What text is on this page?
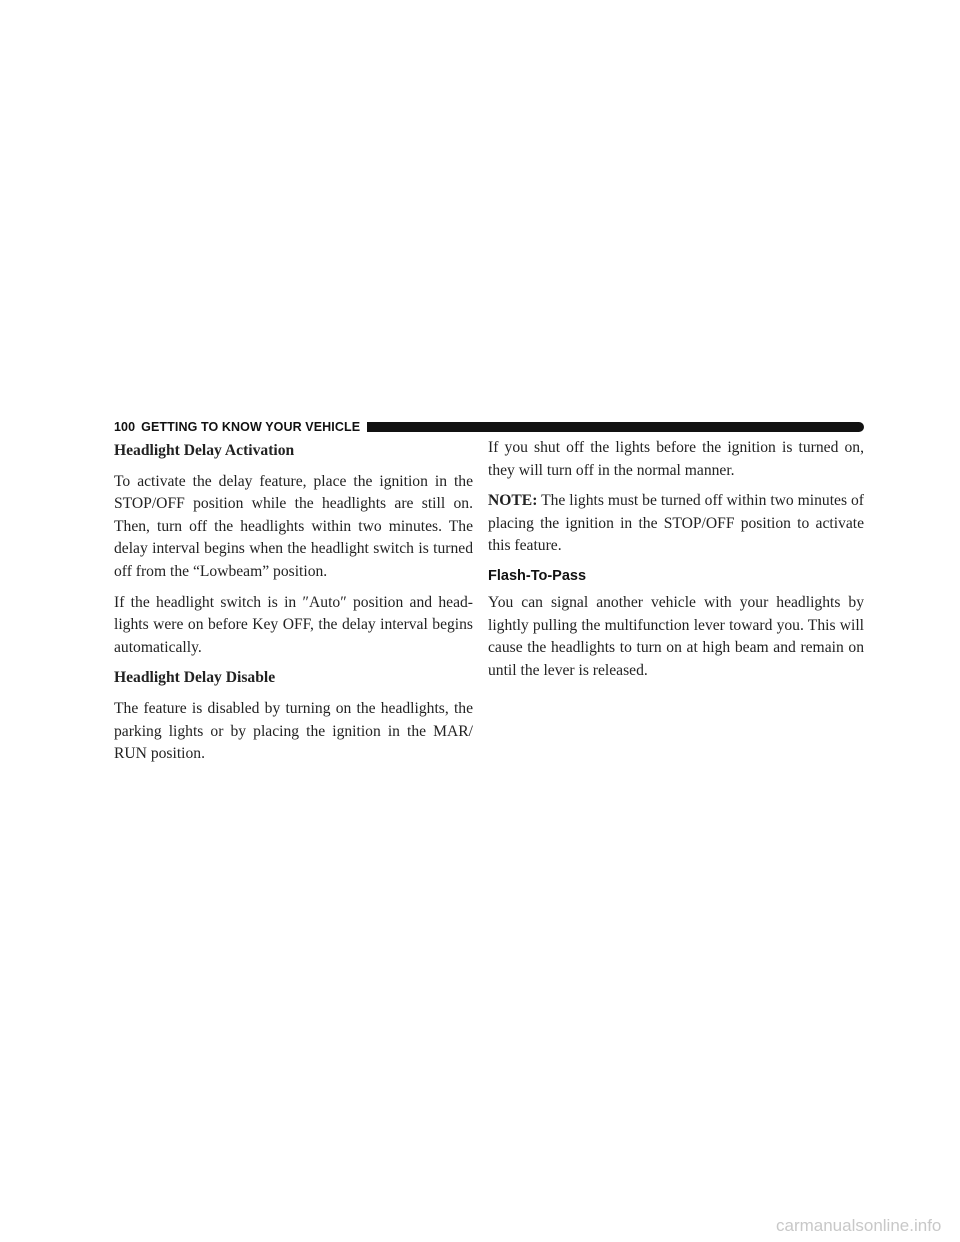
100 GETTING TO KNOW YOUR VEHICLE
Headlight Delay Activation

To activate the delay feature, place the ignition in the STOP/OFF position while the headlights are still on. Then, turn off the headlights within two minutes. The delay interval begins when the headlight switch is turned off from the “Lowbeam” position.

If the headlight switch is in ″Auto″ position and head-lights were on before Key OFF, the delay interval begins automatically.

Headlight Delay Disable

The feature is disabled by turning on the headlights, the parking lights or by placing the ignition in the MAR/ RUN position.

If you shut off the lights before the ignition is turned on, they will turn off in the normal manner.

NOTE: The lights must be turned off within two minutes of placing the ignition in the STOP/OFF position to activate this feature.

Flash-To-Pass

You can signal another vehicle with your headlights by lightly pulling the multifunction lever toward you. This will cause the headlights to turn on at high beam and remain on until the lever is released.

carmanualsonline.info
